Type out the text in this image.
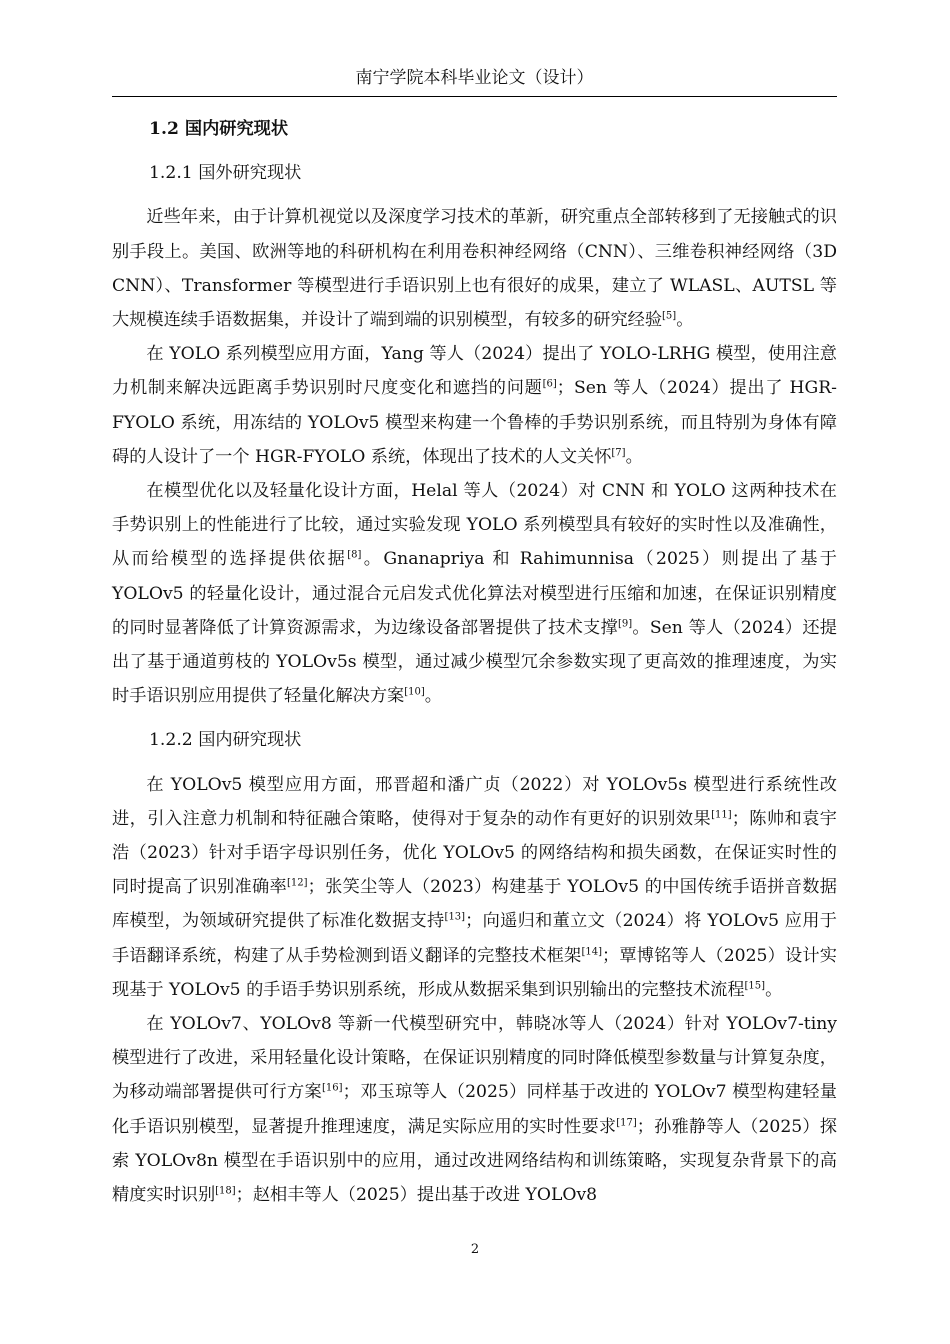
南宁学院本科毕业论文（设计）
1.2 国内研究现状
1.2.1 国外研究现状

近些年来，由于计算机视觉以及深度学习技术的革新，研究重点全部转移到了无接触式的识别手段上。美国、欧洲等地的科研机构在利用卷积神经网络（CNN）、三维卷积神经网络（3D CNN）、Transformer 等模型进行手语识别上也有很好的成果，建立了 WLASL、AUTSL 等大规模连续手语数据集，并设计了端到端的识别模型，有较多的研究经验[5]。

在 YOLO 系列模型应用方面，Yang 等人（2024）提出了 YOLO-LRHG 模型，使用注意力机制来解决远距离手势识别时尺度变化和遮挡的问题[6]；Sen 等人（2024）提出了 HGR-FYOLO 系统，用冻结的 YOLOv5 模型来构建一个鲁棒的手势识别系统，而且特别为身体有障碍的人设计了一个 HGR-FYOLO 系统，体现出了技术的人文关怀[7]。

在模型优化以及轻量化设计方面，Helal 等人（2024）对 CNN 和 YOLO 这两种技术在手势识别上的性能进行了比较，通过实验发现 YOLO 系列模型具有较好的实时性以及准确性，从而给模型的选择提供依据[8]。Gnanapriya 和 Rahimunnisa（2025）则提出了基于 YOLOv5 的轻量化设计，通过混合元启发式优化算法对模型进行压缩和加速，在保证识别精度的同时显著降低了计算资源需求，为边缘设备部署提供了技术支撑[9]。Sen 等人（2024）还提出了基于通道剪枝的 YOLOv5s 模型，通过减少模型冗余参数实现了更高效的推理速度，为实时手语识别应用提供了轻量化解决方案[10]。

1.2.2 国内研究现状

在 YOLOv5 模型应用方面，邢晋超和潘广贞（2022）对 YOLOv5s 模型进行系统性改进，引入注意力机制和特征融合策略，使得对于复杂的动作有更好的识别效果[11]；陈帅和袁宇浩（2023）针对手语字母识别任务，优化 YOLOv5 的网络结构和损失函数，在保证实时性的同时提高了识别准确率[12]；张笑尘等人（2023）构建基于 YOLOv5 的中国传统手语拼音数据库模型，为领域研究提供了标准化数据支持[13]；向遥归和董立文（2024）将 YOLOv5 应用于手语翻译系统，构建了从手势检测到语义翻译的完整技术框架[14]；覃博铭等人（2025）设计实现基于 YOLOv5 的手语手势识别系统，形成从数据采集到识别输出的完整技术流程[15]。

在 YOLOv7、YOLOv8 等新一代模型研究中，韩晓冰等人（2024）针对 YOLOv7-tiny 模型进行了改进，采用轻量化设计策略，在保证识别精度的同时降低模型参数量与计算复杂度，为移动端部署提供可行方案[16]；邓玉琼等人（2025）同样基于改进的 YOLOv7 模型构建轻量化手语识别模型，显著提升推理速度，满足实际应用的实时性要求[17]；孙雅静等人（2025）探索 YOLOv8n 模型在手语识别中的应用，通过改进网络结构和训练策略，实现复杂背景下的高精度实时识别[18]；赵相丰等人（2025）提出基于改进 YOLOv8

2
